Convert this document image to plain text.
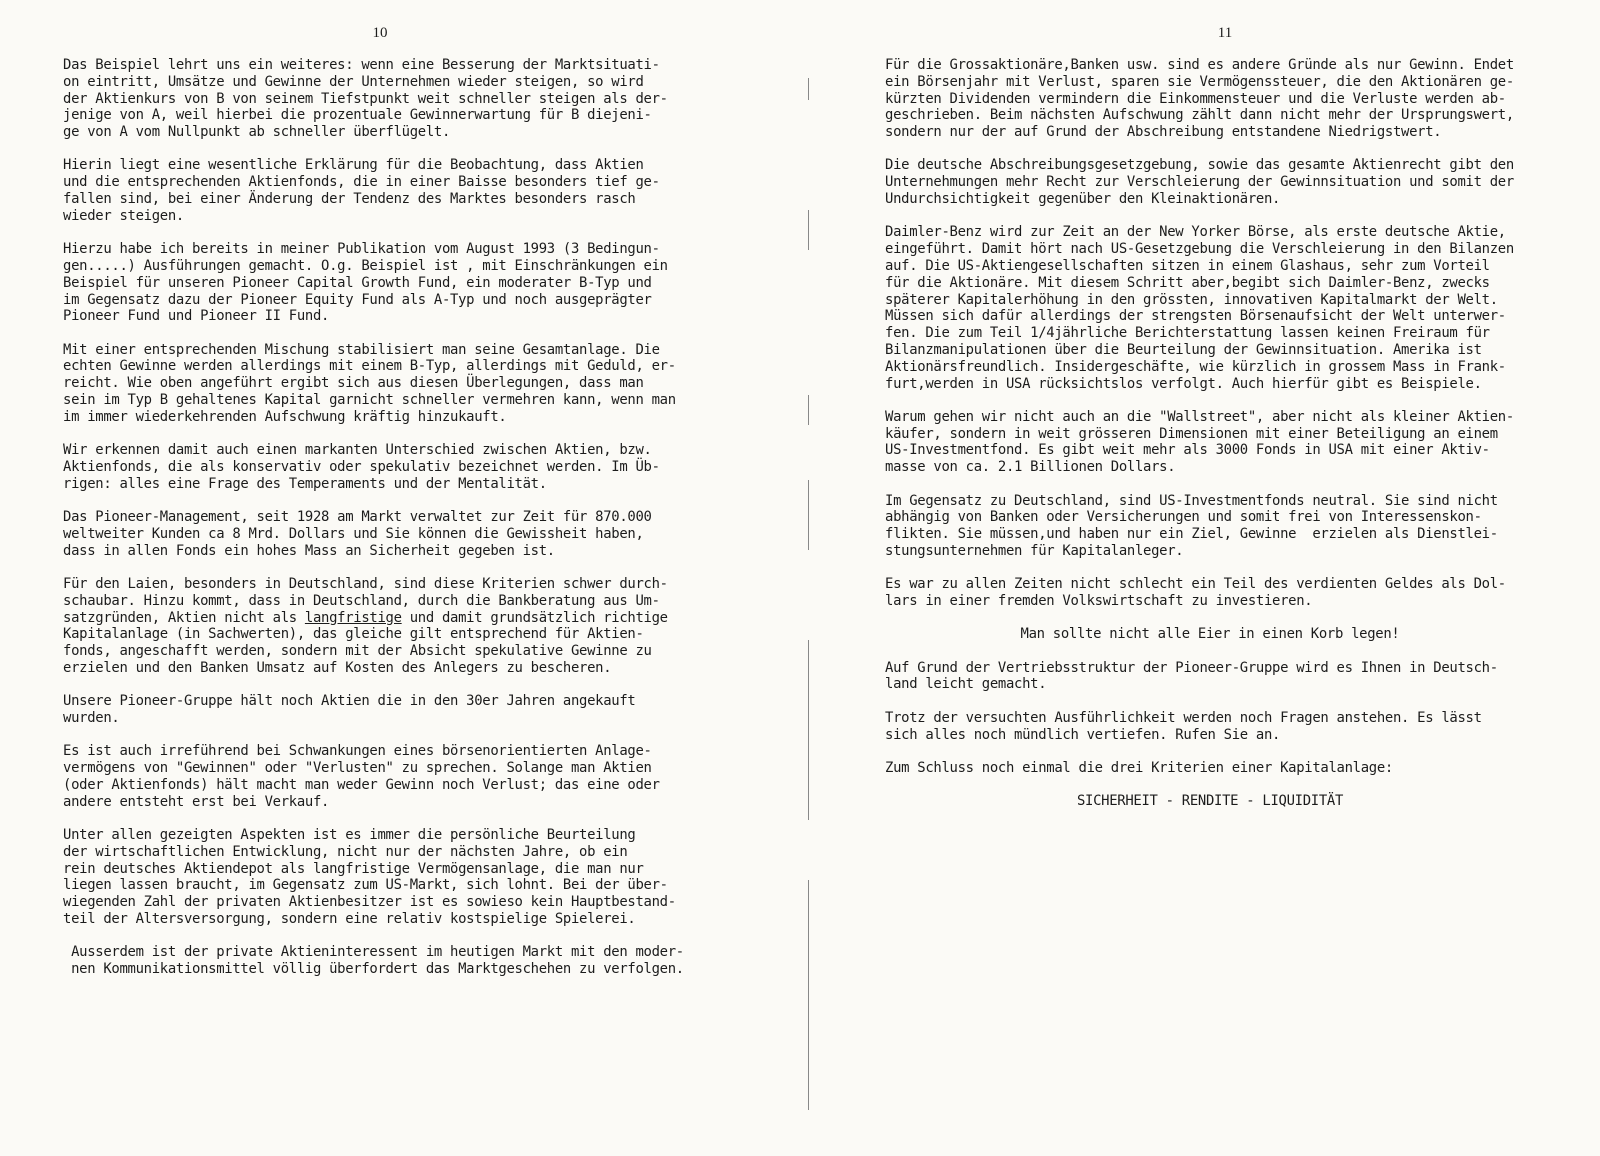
10

Das Beispiel lehrt uns ein weiteres: wenn eine Besserung der Marktsituati-
on eintritt, Umsätze und Gewinne der Unternehmen wieder steigen, so wird
der Aktienkurs von B von seinem Tiefstpunkt weit schneller steigen als der-
jenige von A, weil hierbei die prozentuale Gewinnerwartung für B diejeni-
ge von A vom Nullpunkt ab schneller überflügelt.

Hierin liegt eine wesentliche Erklärung für die Beobachtung, dass Aktien
und die entsprechenden Aktienfonds, die in einer Baisse besonders tief ge-
fallen sind, bei einer Änderung der Tendenz des Marktes besonders rasch
wieder steigen.

Hierzu habe ich bereits in meiner Publikation vom August 1993 (3 Bedingun-
gen.....) Ausführungen gemacht. O.g. Beispiel ist , mit Einschränkungen ein
Beispiel für unseren Pioneer Capital Growth Fund, ein moderater B-Typ und
im Gegensatz dazu der Pioneer Equity Fund als A-Typ und noch ausgeprägter
Pioneer Fund und Pioneer II Fund.

Mit einer entsprechenden Mischung stabilisiert man seine Gesamtanlage. Die
echten Gewinne werden allerdings mit einem B-Typ, allerdings mit Geduld, er-
reicht. Wie oben angeführt ergibt sich aus diesen Überlegungen, dass man
sein im Typ B gehaltenes Kapital garnicht schneller vermehren kann, wenn man
im immer wiederkehrenden Aufschwung kräftig hinzukauft.

Wir erkennen damit auch einen markanten Unterschied zwischen Aktien, bzw.
Aktienfonds, die als konservativ oder spekulativ bezeichnet werden. Im Üb-
rigen: alles eine Frage des Temperaments und der Mentalität.

Das Pioneer-Management, seit 1928 am Markt verwaltet zur Zeit für 870.000
weltweiter Kunden ca 8 Mrd. Dollars und Sie können die Gewissheit haben,
dass in allen Fonds ein hohes Mass an Sicherheit gegeben ist.

Für den Laien, besonders in Deutschland, sind diese Kriterien schwer durch-
schaubar. Hinzu kommt, dass in Deutschland, durch die Bankberatung aus Um-
satzgründen, Aktien nicht als langfristige und damit grundsätzlich richtige
Kapitalanlage (in Sachwerten), das gleiche gilt entsprechend für Aktien-
fonds, angeschafft werden, sondern mit der Absicht spekulative Gewinne zu
erzielen und den Banken Umsatz auf Kosten des Anlegers zu bescheren.

Unsere Pioneer-Gruppe hält noch Aktien die in den 30er Jahren angekauft
wurden.

Es ist auch irreführend bei Schwankungen eines börsenorientierten Anlage-
vermögens von "Gewinnen" oder "Verlusten" zu sprechen. Solange man Aktien
(oder Aktienfonds) hält macht man weder Gewinn noch Verlust; das eine oder
andere entsteht erst bei Verkauf.

Unter allen gezeigten Aspekten ist es immer die persönliche Beurteilung
der wirtschaftlichen Entwicklung, nicht nur der nächsten Jahre, ob ein
rein deutsches Aktiendepot als langfristige Vermögensanlage, die man nur
liegen lassen braucht, im Gegensatz zum US-Markt, sich lohnt. Bei der über-
wiegenden Zahl der privaten Aktienbesitzer ist es sowieso kein Hauptbestand-
teil der Altersversorgung, sondern eine relativ kostspielige Spielerei.

Ausserdem ist der private Aktieninteressent im heutigen Markt mit den moder-
nen Kommunikationsmittel völlig überfordert das Marktgeschehen zu verfolgen.

11

Für die Grossaktionäre,Banken usw. sind es andere Gründe als nur Gewinn. Endet
ein Börsenjahr mit Verlust, sparen sie Vermögenssteuer, die den Aktionären ge-
kürzten Dividenden vermindern die Einkommensteuer und die Verluste werden ab-
geschrieben. Beim nächsten Aufschwung zählt dann nicht mehr der Ursprungswert,
sondern nur der auf Grund der Abschreibung entstandene Niedrigstwert.

Die deutsche Abschreibungsgesetzgebung, sowie das gesamte Aktienrecht gibt den
Unternehmungen mehr Recht zur Verschleierung der Gewinnsituation und somit der
Undurchsichtigkeit gegenüber den Kleinaktionären.

Daimler-Benz wird zur Zeit an der New Yorker Börse, als erste deutsche Aktie,
eingeführt. Damit hört nach US-Gesetzgebung die Verschleierung in den Bilanzen
auf. Die US-Aktiengesellschaften sitzen in einem Glashaus, sehr zum Vorteil
für die Aktionäre. Mit diesem Schritt aber,begibt sich Daimler-Benz, zwecks
späterer Kapitalerhöhung in den grössten, innovativen Kapitalmarkt der Welt.
Müssen sich dafür allerdings der strengsten Börsenaufsicht der Welt unterwer-
fen. Die zum Teil 1/4jährliche Berichterstattung lassen keinen Freiraum für
Bilanzmanipulationen über die Beurteilung der Gewinnsituation. Amerika ist
Aktionärsfreundlich. Insidergeschäfte, wie kürzlich in grossem Mass in Frank-
furt,werden in USA rücksichtslos verfolgt. Auch hierfür gibt es Beispiele.

Warum gehen wir nicht auch an die "Wallstreet", aber nicht als kleiner Aktien-
käufer, sondern in weit grösseren Dimensionen mit einer Beteiligung an einem
US-Investmentfond. Es gibt weit mehr als 3000 Fonds in USA mit einer Aktiv-
masse von ca. 2.1 Billionen Dollars.

Im Gegensatz zu Deutschland, sind US-Investmentfonds neutral. Sie sind nicht
abhängig von Banken oder Versicherungen und somit frei von Interessenskon-
flikten. Sie müssen,und haben nur ein Ziel, Gewinne  erzielen als Dienstlei-
stungsunternehmen für Kapitalanleger.

Es war zu allen Zeiten nicht schlecht ein Teil des verdienten Geldes als Dol-
lars in einer fremden Volkswirtschaft zu investieren.

Man sollte nicht alle Eier in einen Korb legen!

Auf Grund der Vertriebsstruktur der Pioneer-Gruppe wird es Ihnen in Deutsch-
land leicht gemacht.

Trotz der versuchten Ausführlichkeit werden noch Fragen anstehen. Es lässt
sich alles noch mündlich vertiefen. Rufen Sie an.

Zum Schluss noch einmal die drei Kriterien einer Kapitalanlage:

SICHERHEIT - RENDITE - LIQUIDITÄT
